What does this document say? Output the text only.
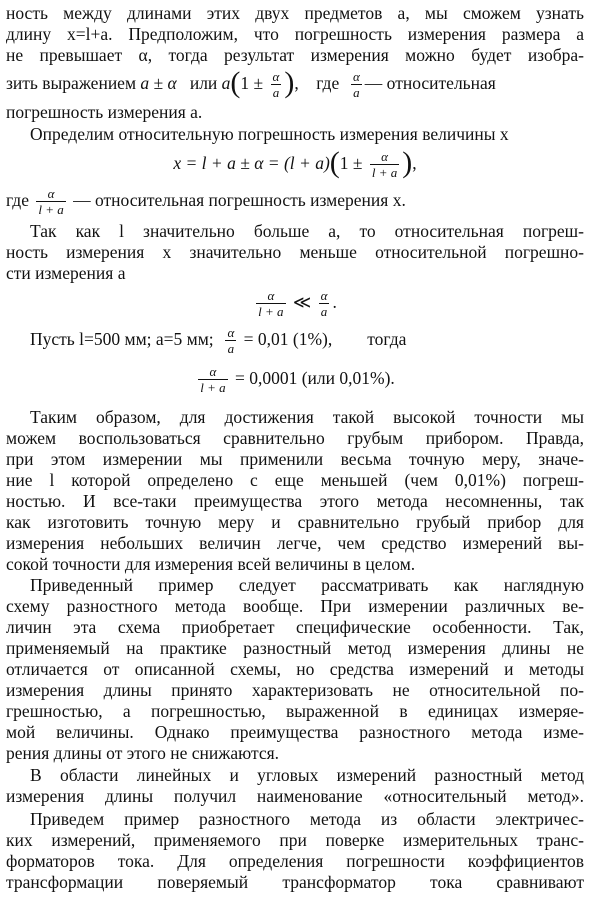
ность между длинами этих двух предметов a, мы сможем узнать
длину x=l+a. Предположим, что погрешность измерения размера a
не превышает α, тогда результат измерения можно будет изобра-
зить выражением a ± α или $a(1 \pm \frac{\alpha}{a}$ ),    где $\frac{\alpha}{a}$ — относительная
погрешность измерения a.
Определим относительную погрешность измерения величины x
$x = l + a \pm \alpha = (l + a)(1 \pm \frac{\alpha}{l + a}$ ),
где $\frac{\alpha}{l + a}$ — относительная погрешность измерения x.
Так как l значительно больше a, то относительная погреш-
ность измерения x значительно меньше относительной погрешно-
сти измерения a
$\frac{\alpha}{l + a}$ ≪ $\frac{\alpha}{a}$ .
Пусть l=500 мм; a=5 мм; $\frac{\alpha}{a} = 0,01$ (1%), тогда
$\frac{\alpha}{l + a} = 0,0001$ (или 0,01%).
Таким образом, для достижения такой высокой точности мы
можем воспользоваться сравнительно грубым прибором. Правда,
при этом измерении мы применили весьма точную меру, значе-
ние l которой определено с еще меньшей (чем 0,01%) погреш-
ностью. И все-таки преимущества этого метода несомненны, так
как изготовить точную меру и сравнительно грубый прибор для
измерения небольших величин легче, чем средство измерений вы-
сокой точности для измерения всей величины в целом.
Приведенный пример следует рассматривать как наглядную
схему разностного метода вообще. При измерении различных ве-
личин эта схема приобретает специфические особенности. Так,
применяемый на практике разностный метод измерения длины не
отличается от описанной схемы, но средства измерений и методы
измерения длины принято характеризовать не относительной по-
грешностью, а погрешностью, выраженной в единицах измеряе-
мой величины. Однако преимущества разностного метода изме-
рения длины от этого не снижаются.
В области линейных и угловых измерений разностный метод
измерения длины получил наименование «относительный метод».
Приведем пример разностного метода из области электричес-
ких измерений, применяемого при поверке измерительных транс-
форматоров тока. Для определения погрешности коэффициентов
трансформации поверяемый трансформатор тока сравнивают
